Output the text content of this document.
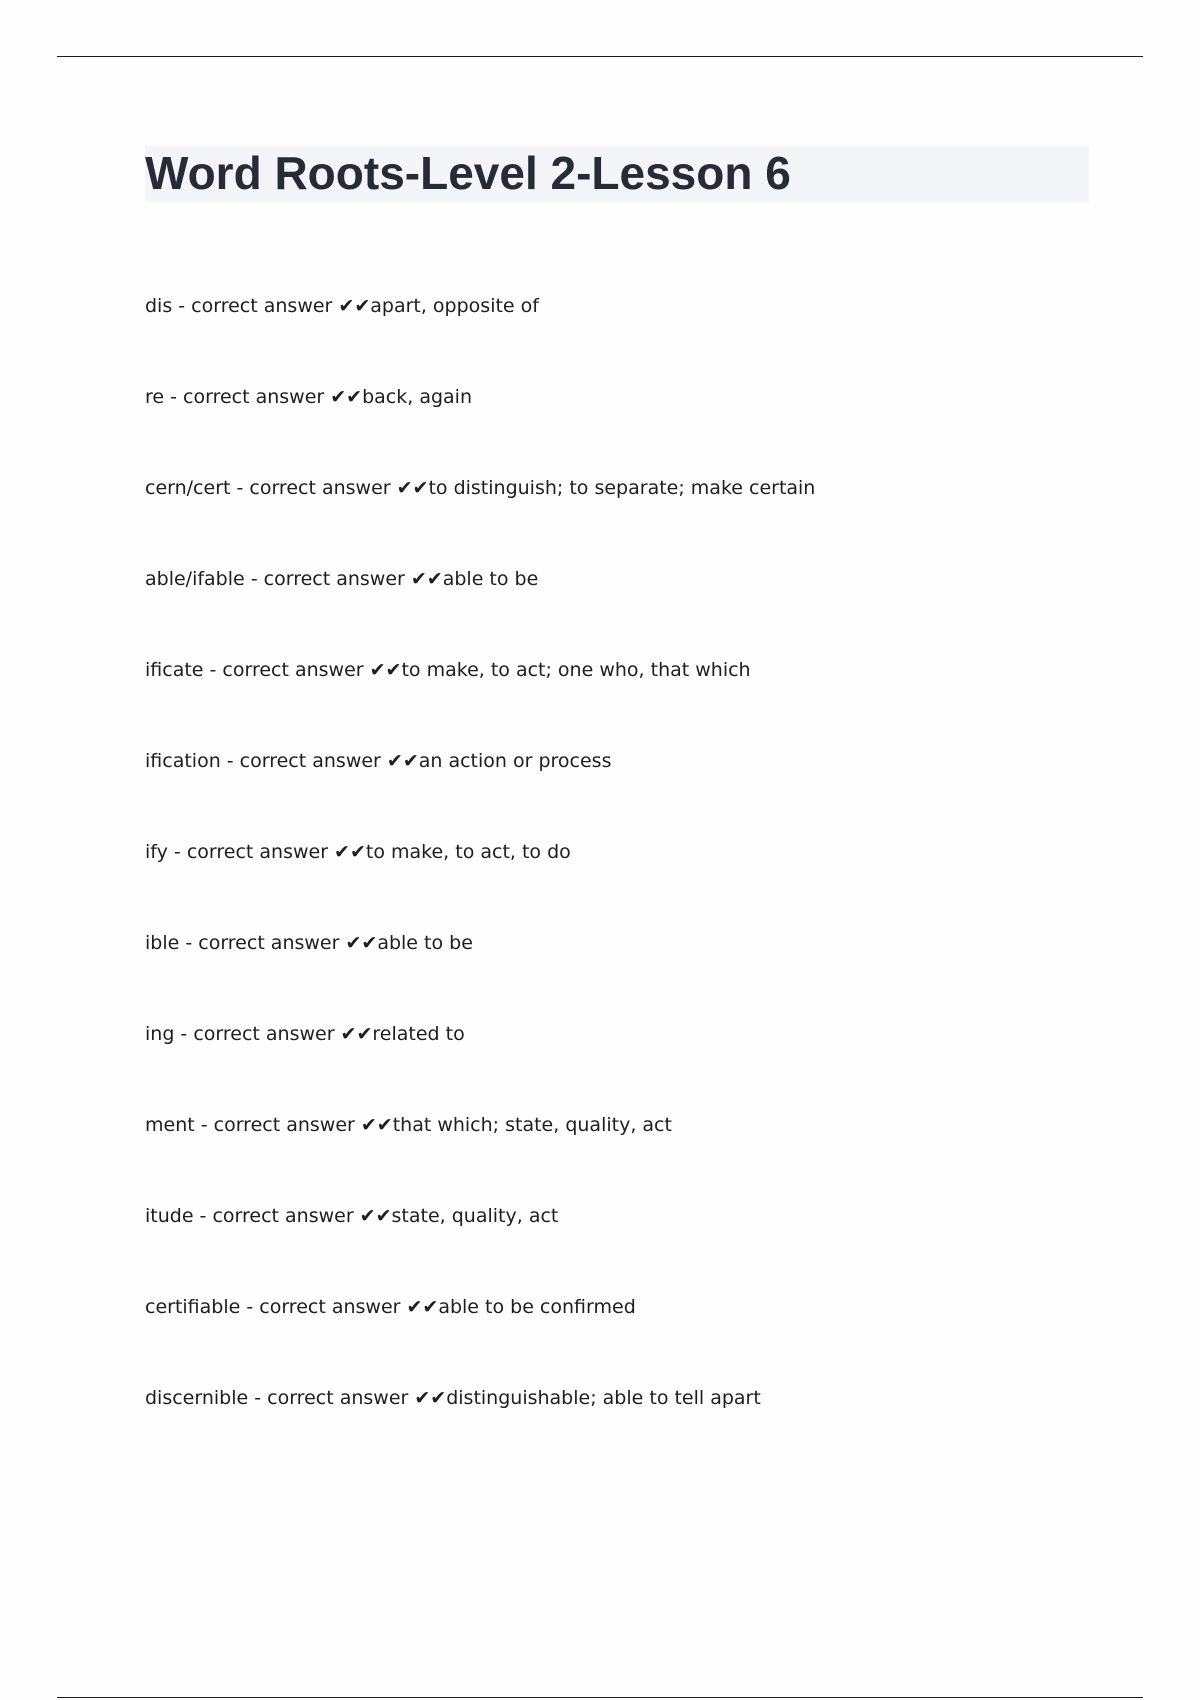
Word Roots-Level 2-Lesson 6
dis - correct answer ✔✔apart, opposite of
re - correct answer ✔✔back, again
cern/cert - correct answer ✔✔to distinguish; to separate; make certain
able/ifable - correct answer ✔✔able to be
ificate - correct answer ✔✔to make, to act; one who, that which
ification - correct answer ✔✔an action or process
ify - correct answer ✔✔to make, to act, to do
ible - correct answer ✔✔able to be
ing - correct answer ✔✔related to
ment - correct answer ✔✔that which; state, quality, act
itude - correct answer ✔✔state, quality, act
certifiable - correct answer ✔✔able to be confirmed
discernible - correct answer ✔✔distinguishable; able to tell apart
